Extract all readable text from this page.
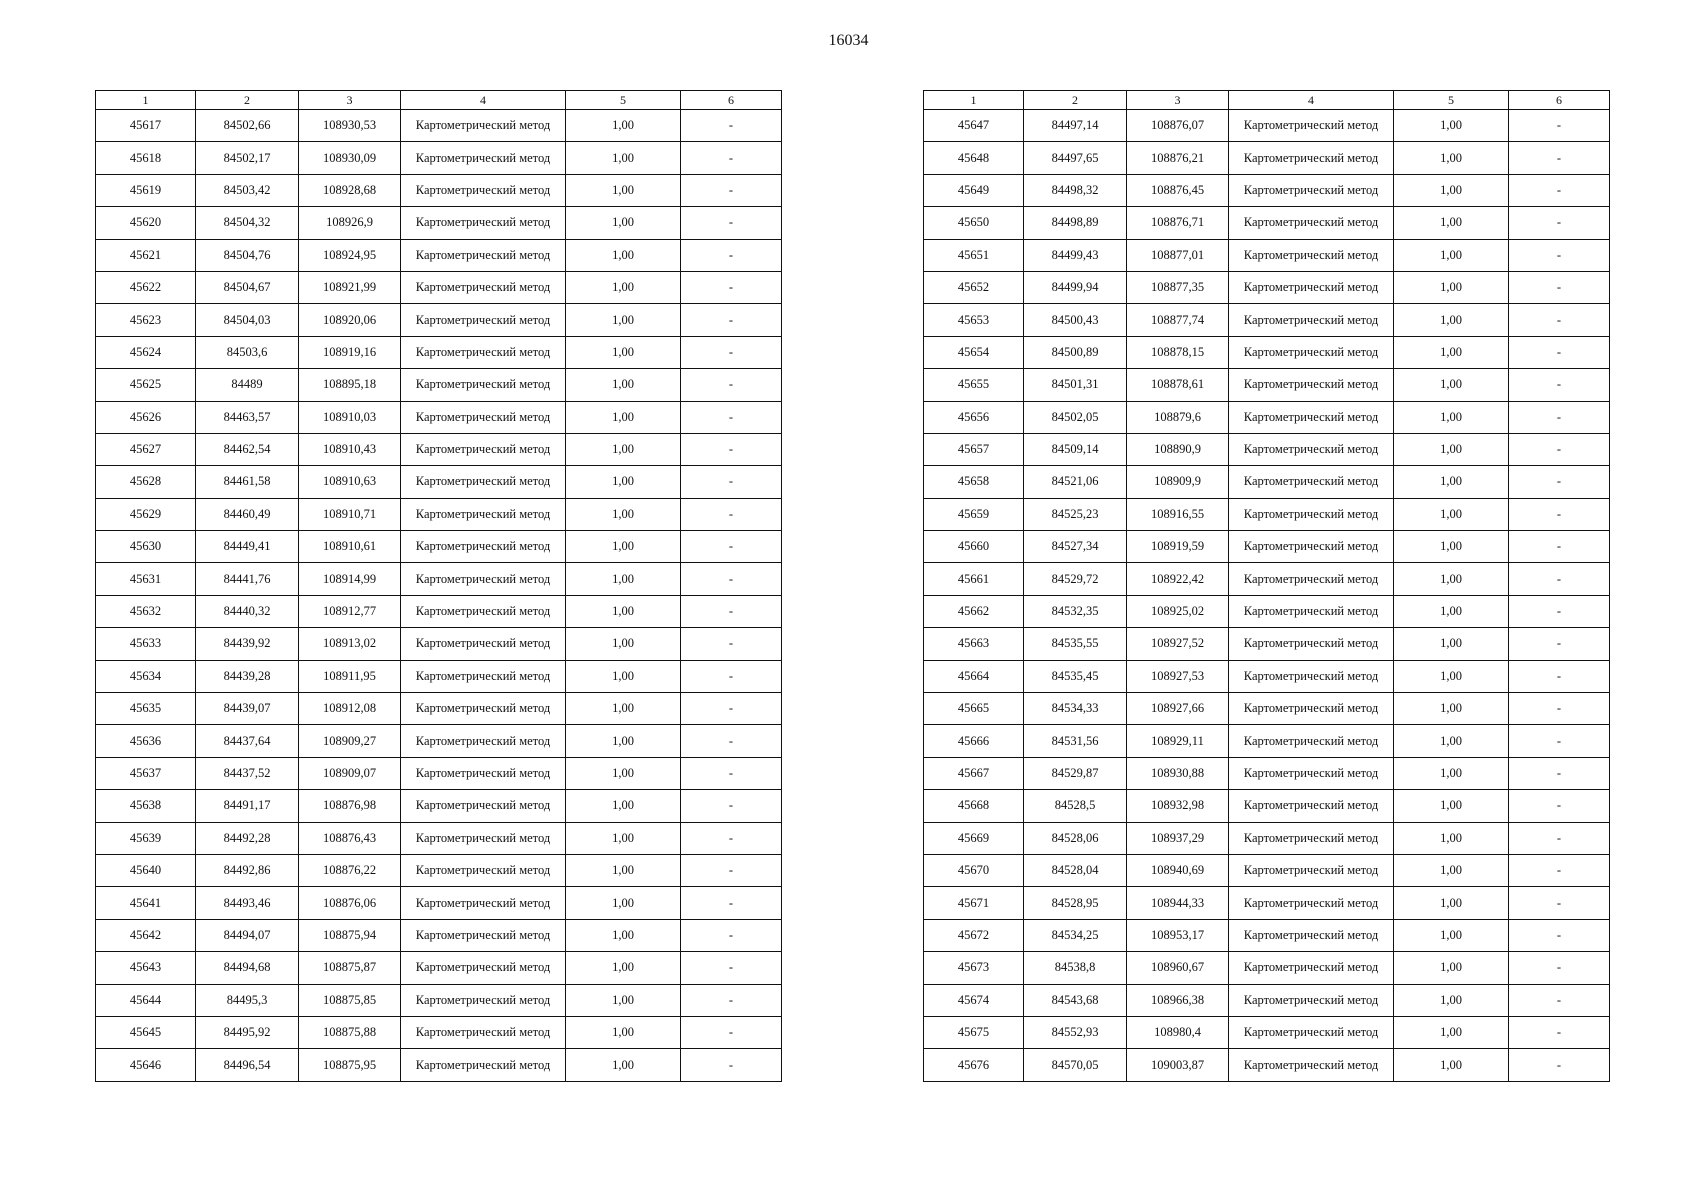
16034
1	2	3	4	5	6
45617	84502,66	108930,53	Картометрический метод	1,00	-
45618	84502,17	108930,09	Картометрический метод	1,00	-
45619	84503,42	108928,68	Картометрический метод	1,00	-
45620	84504,32	108926,9	Картометрический метод	1,00	-
45621	84504,76	108924,95	Картометрический метод	1,00	-
45622	84504,67	108921,99	Картометрический метод	1,00	-
45623	84504,03	108920,06	Картометрический метод	1,00	-
45624	84503,6	108919,16	Картометрический метод	1,00	-
45625	84489	108895,18	Картометрический метод	1,00	-
45626	84463,57	108910,03	Картометрический метод	1,00	-
45627	84462,54	108910,43	Картометрический метод	1,00	-
45628	84461,58	108910,63	Картометрический метод	1,00	-
45629	84460,49	108910,71	Картометрический метод	1,00	-
45630	84449,41	108910,61	Картометрический метод	1,00	-
45631	84441,76	108914,99	Картометрический метод	1,00	-
45632	84440,32	108912,77	Картометрический метод	1,00	-
45633	84439,92	108913,02	Картометрический метод	1,00	-
45634	84439,28	108911,95	Картометрический метод	1,00	-
45635	84439,07	108912,08	Картометрический метод	1,00	-
45636	84437,64	108909,27	Картометрический метод	1,00	-
45637	84437,52	108909,07	Картометрический метод	1,00	-
45638	84491,17	108876,98	Картометрический метод	1,00	-
45639	84492,28	108876,43	Картометрический метод	1,00	-
45640	84492,86	108876,22	Картометрический метод	1,00	-
45641	84493,46	108876,06	Картометрический метод	1,00	-
45642	84494,07	108875,94	Картометрический метод	1,00	-
45643	84494,68	108875,87	Картометрический метод	1,00	-
45644	84495,3	108875,85	Картометрический метод	1,00	-
45645	84495,92	108875,88	Картометрический метод	1,00	-
45646	84496,54	108875,95	Картометрический метод	1,00	-
1	2	3	4	5	6
45647	84497,14	108876,07	Картометрический метод	1,00	-
45648	84497,65	108876,21	Картометрический метод	1,00	-
45649	84498,32	108876,45	Картометрический метод	1,00	-
45650	84498,89	108876,71	Картометрический метод	1,00	-
45651	84499,43	108877,01	Картометрический метод	1,00	-
45652	84499,94	108877,35	Картометрический метод	1,00	-
45653	84500,43	108877,74	Картометрический метод	1,00	-
45654	84500,89	108878,15	Картометрический метод	1,00	-
45655	84501,31	108878,61	Картометрический метод	1,00	-
45656	84502,05	108879,6	Картометрический метод	1,00	-
45657	84509,14	108890,9	Картометрический метод	1,00	-
45658	84521,06	108909,9	Картометрический метод	1,00	-
45659	84525,23	108916,55	Картометрический метод	1,00	-
45660	84527,34	108919,59	Картометрический метод	1,00	-
45661	84529,72	108922,42	Картометрический метод	1,00	-
45662	84532,35	108925,02	Картометрический метод	1,00	-
45663	84535,55	108927,52	Картометрический метод	1,00	-
45664	84535,45	108927,53	Картометрический метод	1,00	-
45665	84534,33	108927,66	Картометрический метод	1,00	-
45666	84531,56	108929,11	Картометрический метод	1,00	-
45667	84529,87	108930,88	Картометрический метод	1,00	-
45668	84528,5	108932,98	Картометрический метод	1,00	-
45669	84528,06	108937,29	Картометрический метод	1,00	-
45670	84528,04	108940,69	Картометрический метод	1,00	-
45671	84528,95	108944,33	Картометрический метод	1,00	-
45672	84534,25	108953,17	Картометрический метод	1,00	-
45673	84538,8	108960,67	Картометрический метод	1,00	-
45674	84543,68	108966,38	Картометрический метод	1,00	-
45675	84552,93	108980,4	Картометрический метод	1,00	-
45676	84570,05	109003,87	Картометрический метод	1,00	-
